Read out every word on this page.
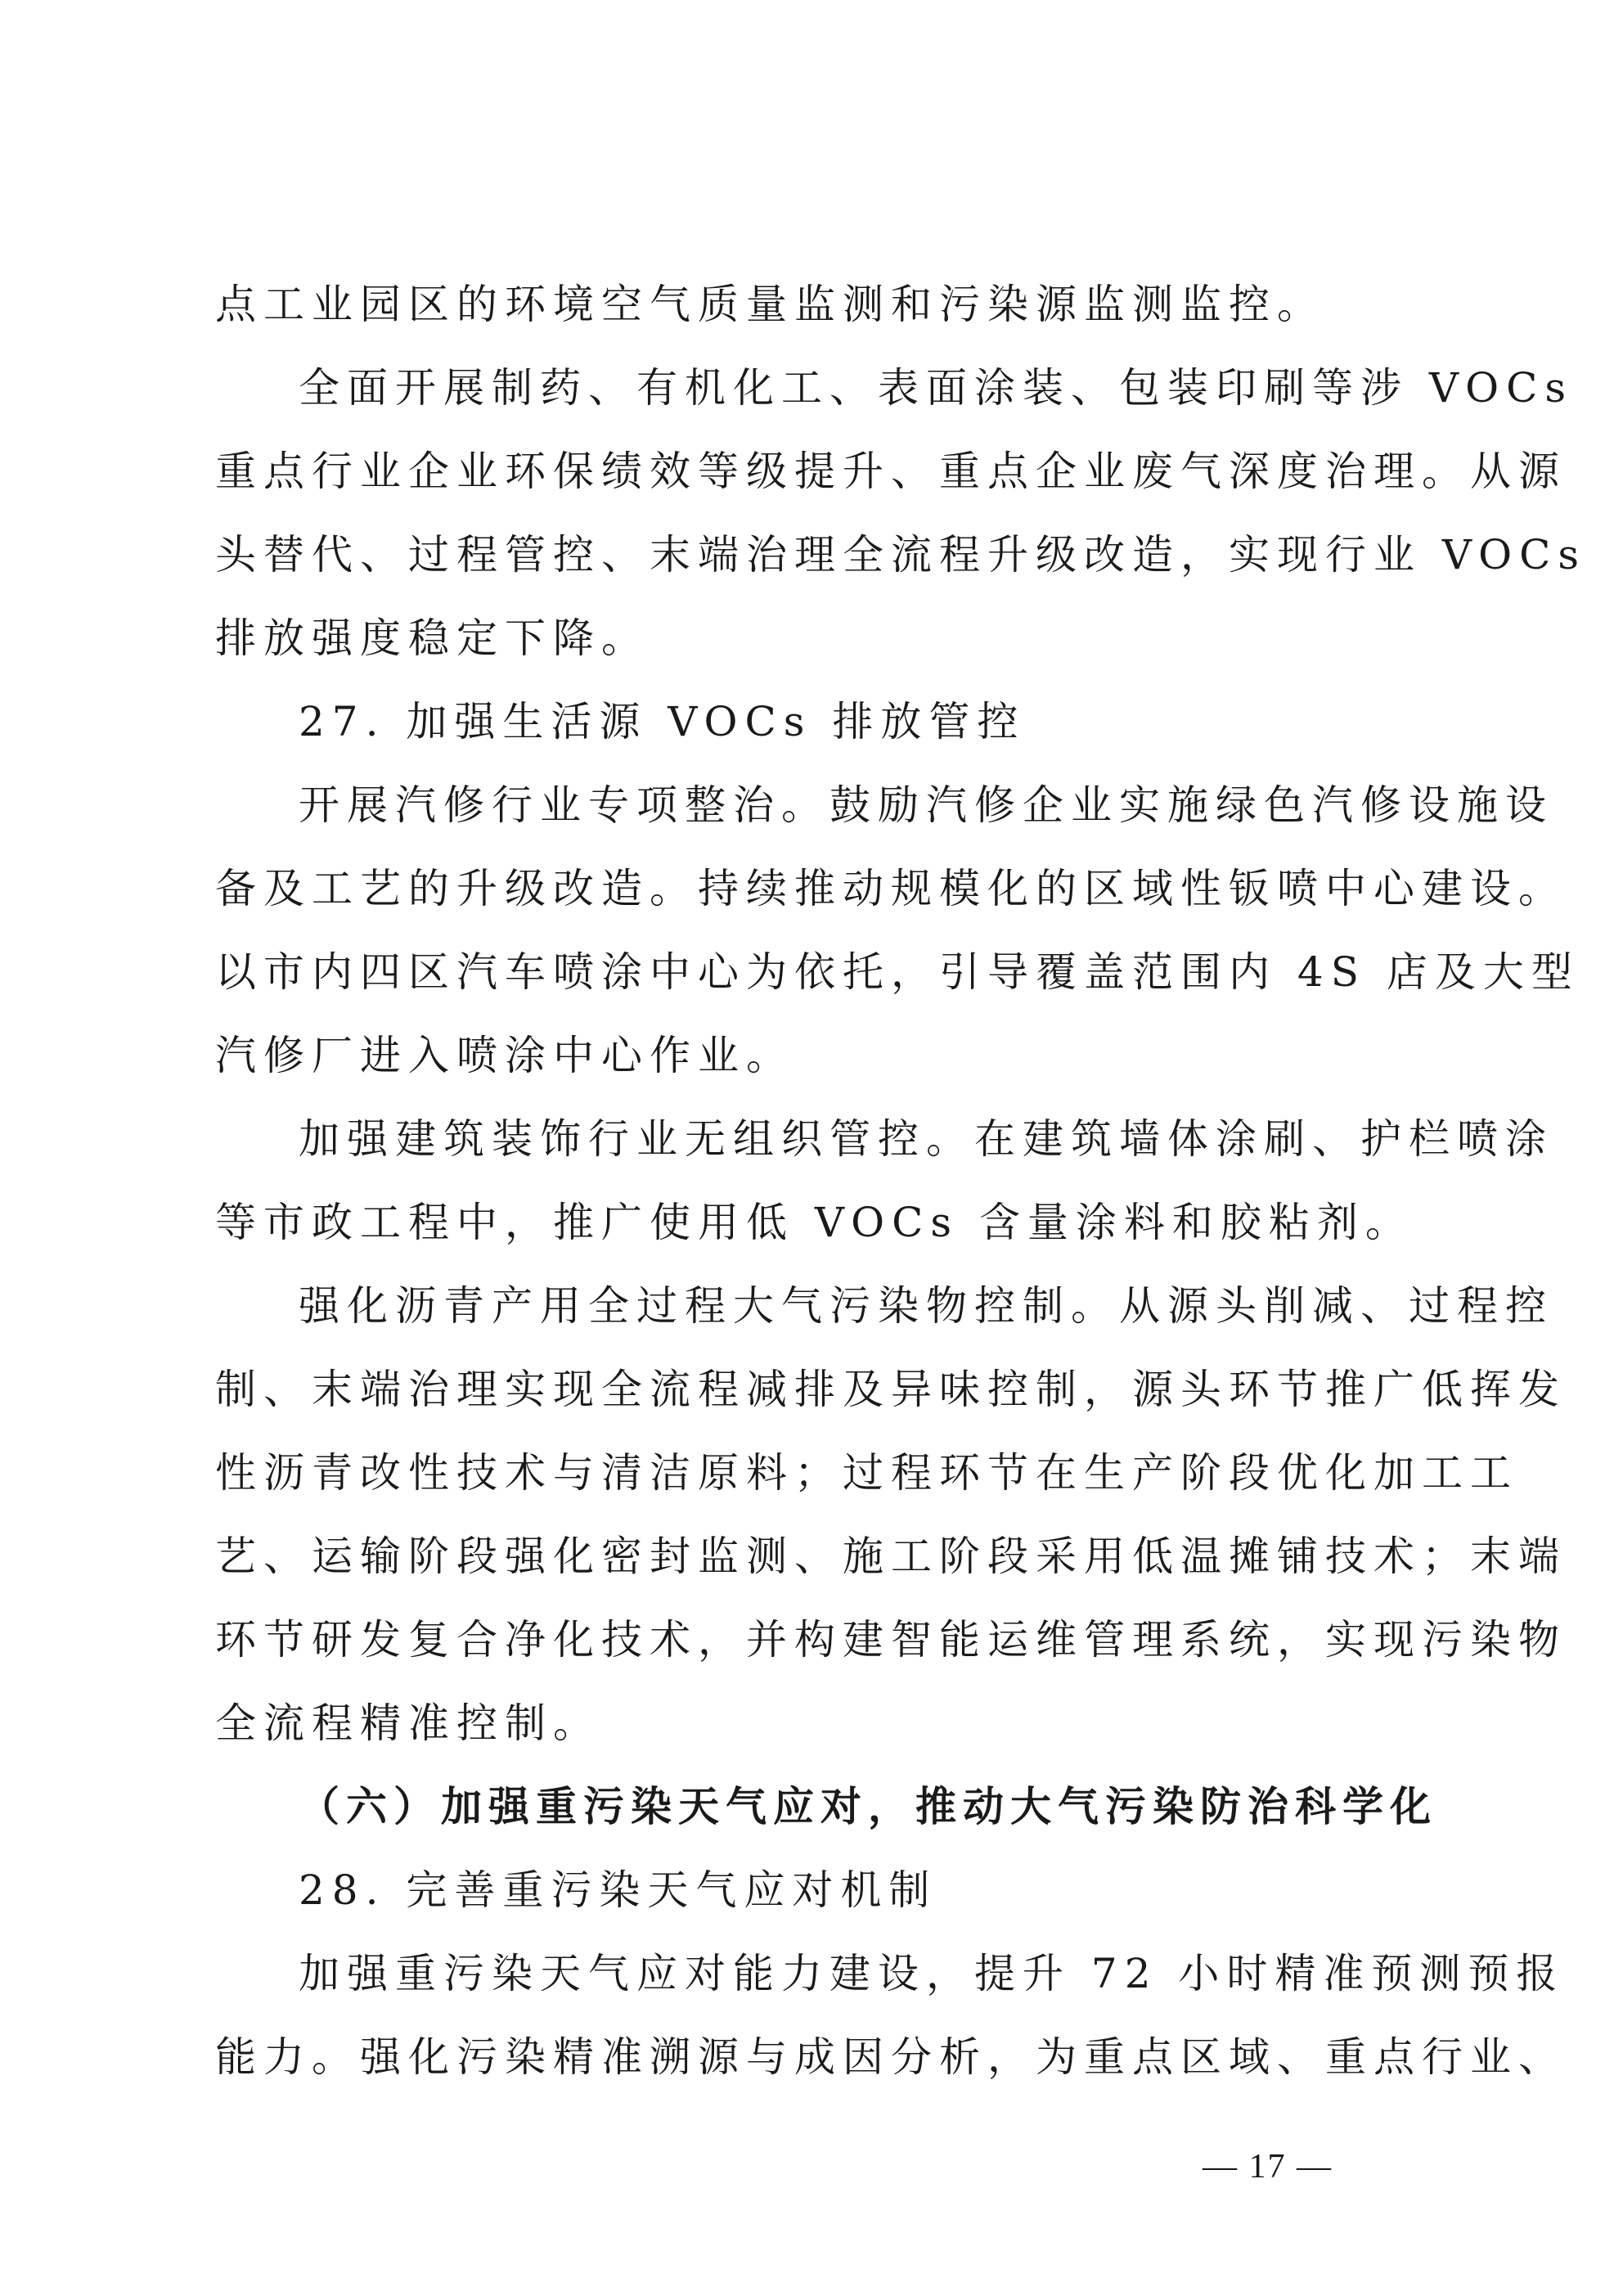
点工业园区的环境空气质量监测和污染源监测监控。

全面开展制药、有机化工、表面涂装、包装印刷等涉 VOCs

重点行业企业环保绩效等级提升、重点企业废气深度治理。从源

头替代、过程管控、末端治理全流程升级改造，实现行业 VOCs

排放强度稳定下降。

27. 加强生活源 VOCs 排放管控

开展汽修行业专项整治。鼓励汽修企业实施绿色汽修设施设

备及工艺的升级改造。持续推动规模化的区域性钣喷中心建设。

以市内四区汽车喷涂中心为依托，引导覆盖范围内 4S 店及大型

汽修厂进入喷涂中心作业。

加强建筑装饰行业无组织管控。在建筑墙体涂刷、护栏喷涂

等市政工程中，推广使用低 VOCs 含量涂料和胶粘剂。

强化沥青产用全过程大气污染物控制。从源头削减、过程控

制、末端治理实现全流程减排及异味控制，源头环节推广低挥发

性沥青改性技术与清洁原料；过程环节在生产阶段优化加工工

艺、运输阶段强化密封监测、施工阶段采用低温摊铺技术；末端

环节研发复合净化技术，并构建智能运维管理系统，实现污染物

全流程精准控制。

（六）加强重污染天气应对，推动大气污染防治科学化

28. 完善重污染天气应对机制

加强重污染天气应对能力建设，提升 72 小时精准预测预报

能力。强化污染精准溯源与成因分析，为重点区域、重点行业、

— 17 —
